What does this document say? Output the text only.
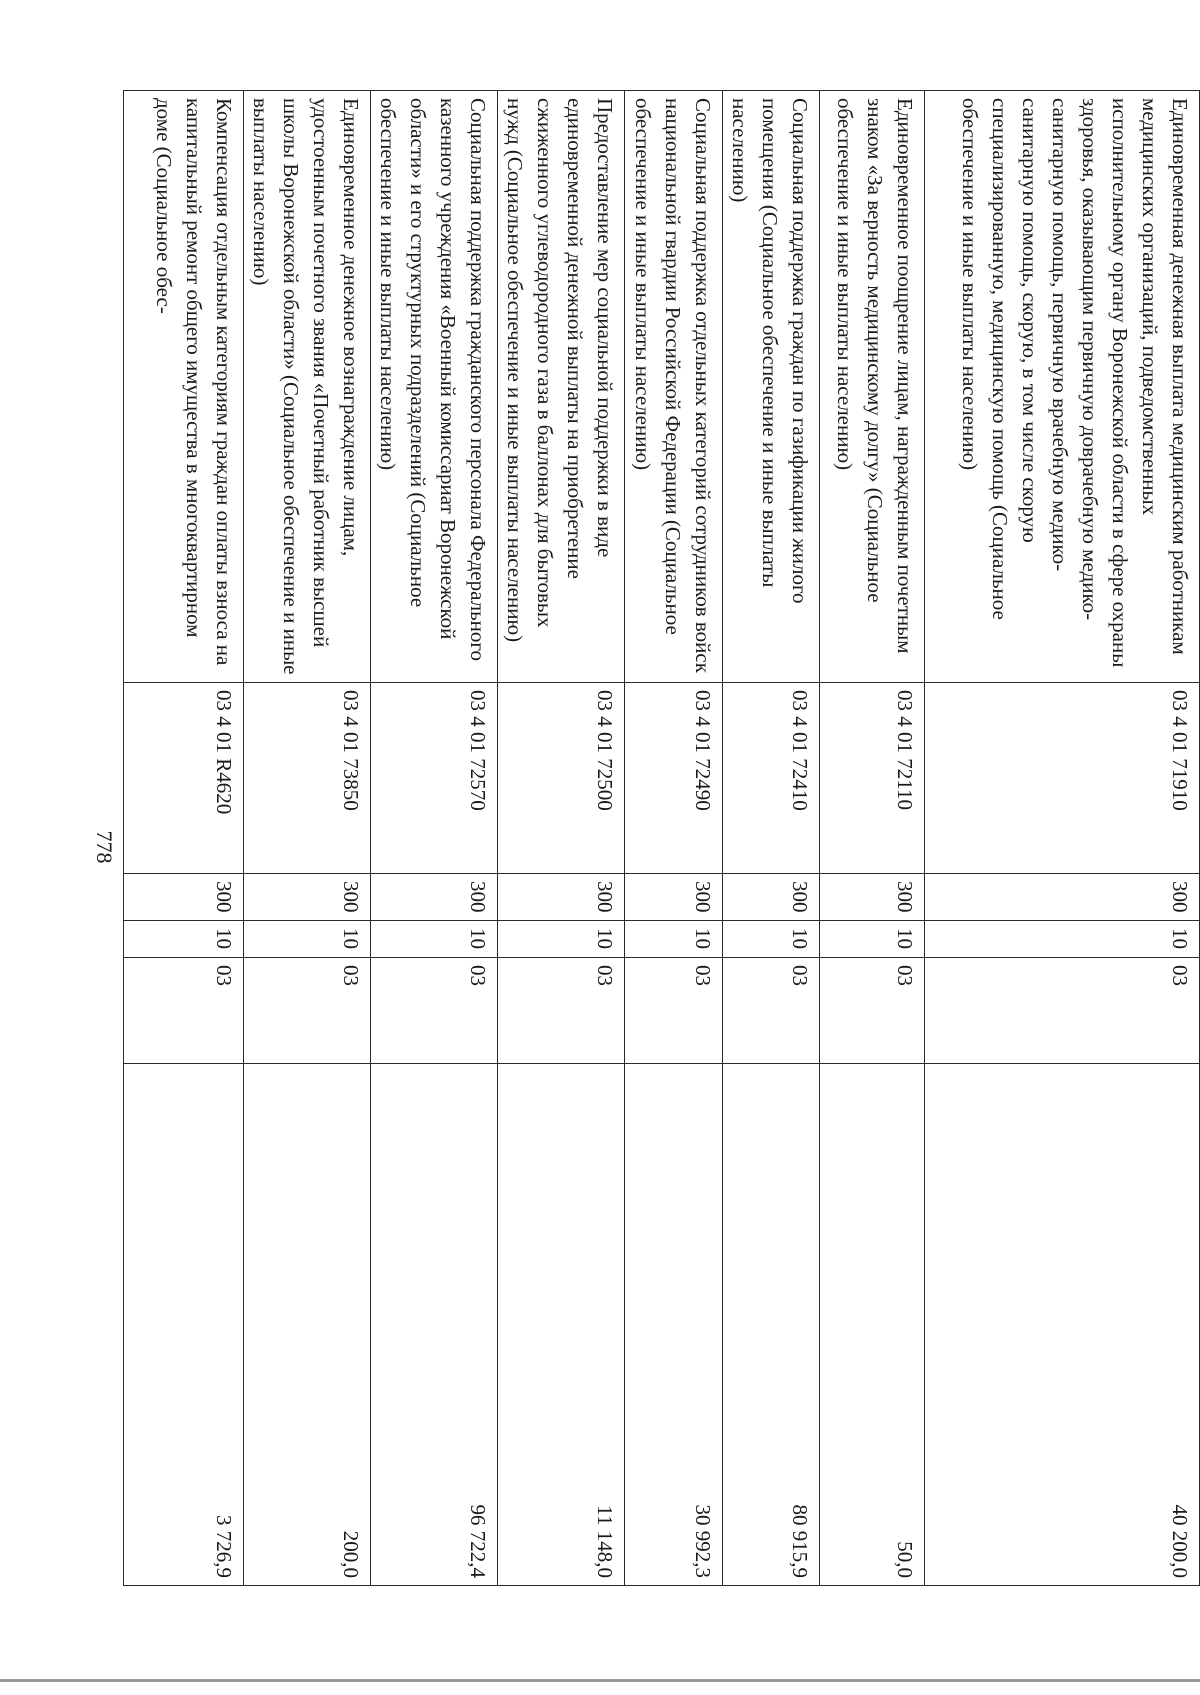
778
Единовременная денежная выплата медицинским работникам медицинских организаций, подведомственных исполнительному органу Воронежской области в сфере охраны здоровья, оказывающим первичную доврачебную медико-санитарную помощь, первичную врачебную медико-санитарную помощь, скорую, в том числе скорую специализированную, медицинскую помощь (Социальное обеспечение и иные выплаты населению)	03 4 01 71910	300	10	03	40 200,0
Единовременное поощрение лицам, награжденным почетным знаком «За верность медицинскому долгу» (Социальное обеспечение и иные выплаты населению)	03 4 01 72110	300	10	03	50,0
Социальная поддержка граждан по газификации жилого помещения (Социальное обеспечение и иные выплаты населению)	03 4 01 72410	300	10	03	80 915,9
Социальная поддержка отдельных категорий сотрудников войск национальной гвардии Российской Федерации (Социальное обеспечение и иные выплаты населению)	03 4 01 72490	300	10	03	30 992,3
Предоставление мер социальной поддержки в виде единовременной денежной выплаты на приобретение сжиженного углеводородного газа в баллонах для бытовых нужд (Социальное обеспечение и иные выплаты населению)	03 4 01 72500	300	10	03	11 148,0
Социальная поддержка гражданского персонала Федерального казенного учреждения «Военный комиссариат Воронежской области» и его структурных подразделений (Социальное обеспечение и иные выплаты населению)	03 4 01 72570	300	10	03	96 722,4
Единовременное денежное вознаграждение лицам, удостоенным почетного звания «Почетный работник высшей школы Воронежской области» (Социальное обеспечение и иные выплаты населению)	03 4 01 73850	300	10	03	200,0
Компенсация отдельным категориям граждан оплаты взноса на капитальный ремонт общего имущества в многоквартирном доме (Социальное обес-	03 4 01 R4620	300	10	03	3 726,9
